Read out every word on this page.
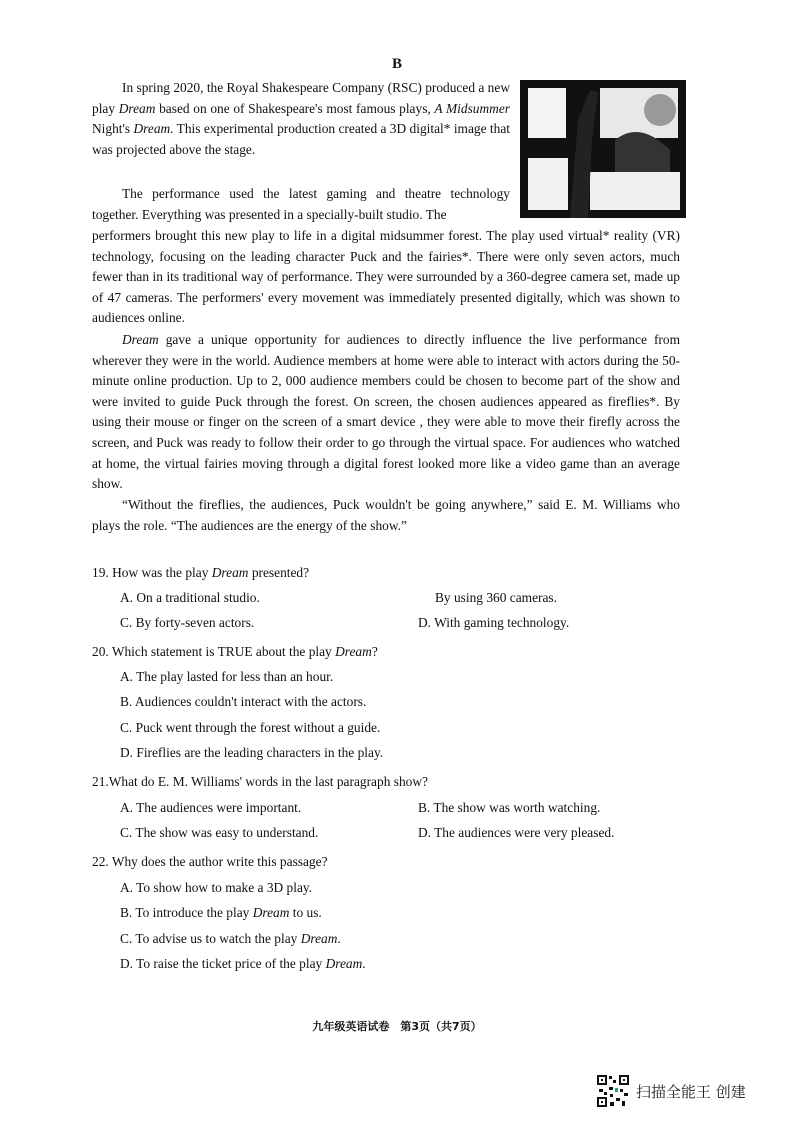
B
In spring 2020, the Royal Shakespeare Company (RSC) produced a new play Dream based on one of Shakespeare's most famous plays, A Midsummer Night's Dream. This experimental production created a 3D digital* image that was projected above the stage.
The performance used the latest gaming and theatre technology together. Everything was presented in a specially-built studio. The
performers brought this new play to life in a digital midsummer forest. The play used virtual* reality (VR) technology, focusing on the leading character Puck and the fairies*. There were only seven actors, much fewer than in its traditional way of performance. They were surrounded by a 360-degree camera set, made up of 47 cameras. The performers' every movement was immediately presented digitally, which was shown to audiences online.
Dream gave a unique opportunity for audiences to directly influence the live performance from wherever they were in the world. Audience members at home were able to interact with actors during the 50-minute online production. Up to 2, 000 audience members could be chosen to become part of the show and were invited to guide Puck through the forest. On screen, the chosen audiences appeared as fireflies*. By using their mouse or finger on the screen of a smart device , they were able to move their firefly across the screen, and Puck was ready to follow their order to go through the virtual space. For audiences who watched at home, the virtual fairies moving through a digital forest looked more like a video game than an average show.
“Without the fireflies, the audiences, Puck wouldn't be going anywhere,” said E. M. Williams who plays the role. “The audiences are the energy of the show.”
19. How was the play Dream presented?
A. On a traditional studio.	By using 360 cameras.
C. By forty-seven actors.	D. With gaming technology.
20. Which statement is TRUE about the play Dream?
A. The play lasted for less than an hour.
B. Audiences couldn't interact with the actors.
C. Puck went through the forest without a guide.
D. Fireflies are the leading characters in the play.
21.What do E. M. Williams' words in the last paragraph show?
A. The audiences were important.	B. The show was worth watching.
C. The show was easy to understand.	D. The audiences were very pleased.
22. Why does the author write this passage?
A. To show how to make a 3D play.
B. To introduce the play Dream to us.
C. To advise us to watch the play Dream.
D. To raise the ticket price of the play Dream.
九年级英语试卷　第3页（共7页）
扫描全能王 创建
